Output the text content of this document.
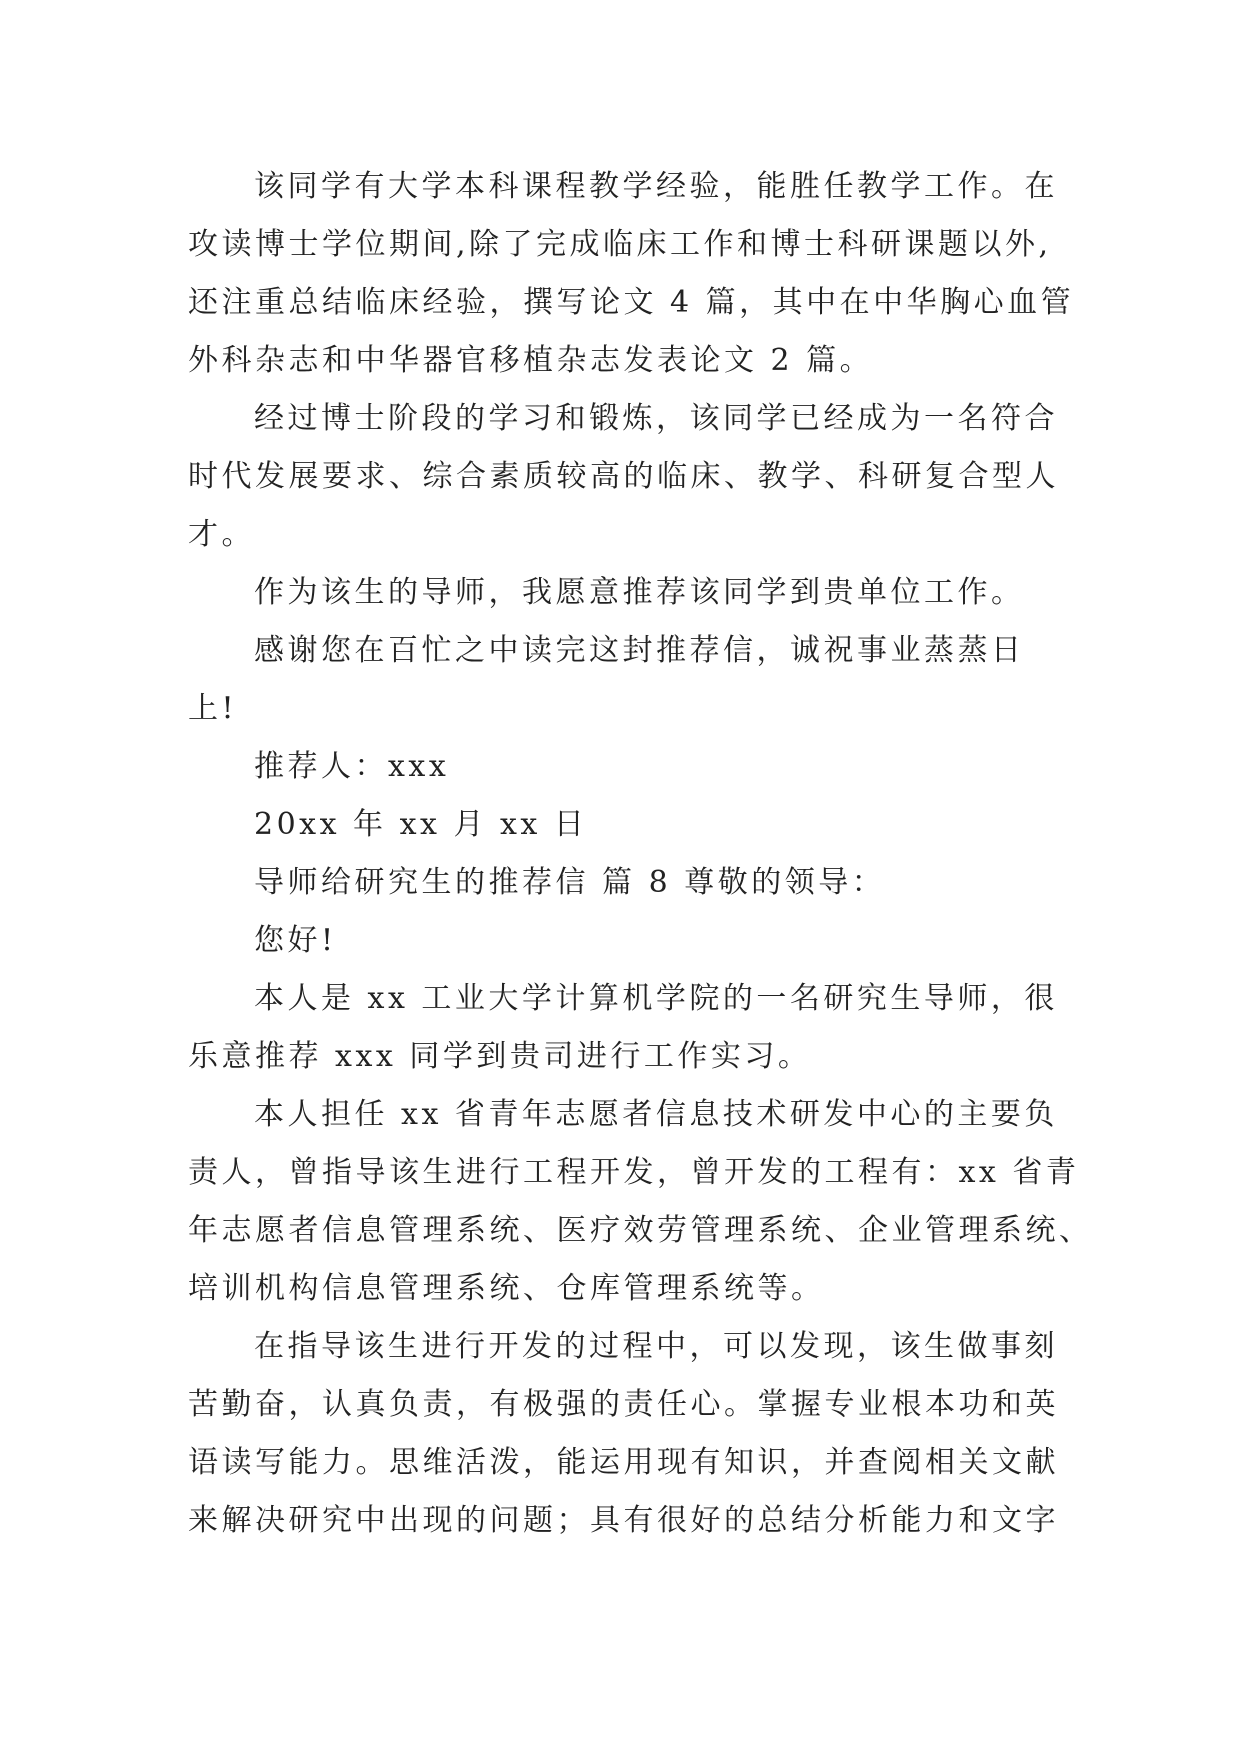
该同学有大学本科课程教学经验，能胜任教学工作。在
攻读博士学位期间,除了完成临床工作和博士科研课题以外,
还注重总结临床经验，撰写论文 4 篇，其中在中华胸心血管
外科杂志和中华器官移植杂志发表论文 2 篇。
经过博士阶段的学习和锻炼，该同学已经成为一名符合
时代发展要求、综合素质较高的临床、教学、科研复合型人
才。
作为该生的导师，我愿意推荐该同学到贵单位工作。
感谢您在百忙之中读完这封推荐信，诚祝事业蒸蒸日
上!
推荐人：xxx
20xx 年 xx 月 xx 日
导师给研究生的推荐信 篇 8 尊敬的领导：
您好!
本人是 xx 工业大学计算机学院的一名研究生导师，很
乐意推荐 xxx 同学到贵司进行工作实习。
本人担任 xx 省青年志愿者信息技术研发中心的主要负
责人，曾指导该生进行工程开发，曾开发的工程有：xx 省青
年志愿者信息管理系统、医疗效劳管理系统、企业管理系统、
培训机构信息管理系统、仓库管理系统等。
在指导该生进行开发的过程中，可以发现，该生做事刻
苦勤奋，认真负责，有极强的责任心。掌握专业根本功和英
语读写能力。思维活泼，能运用现有知识，并查阅相关文献
来解决研究中出现的问题；具有很好的总结分析能力和文字
